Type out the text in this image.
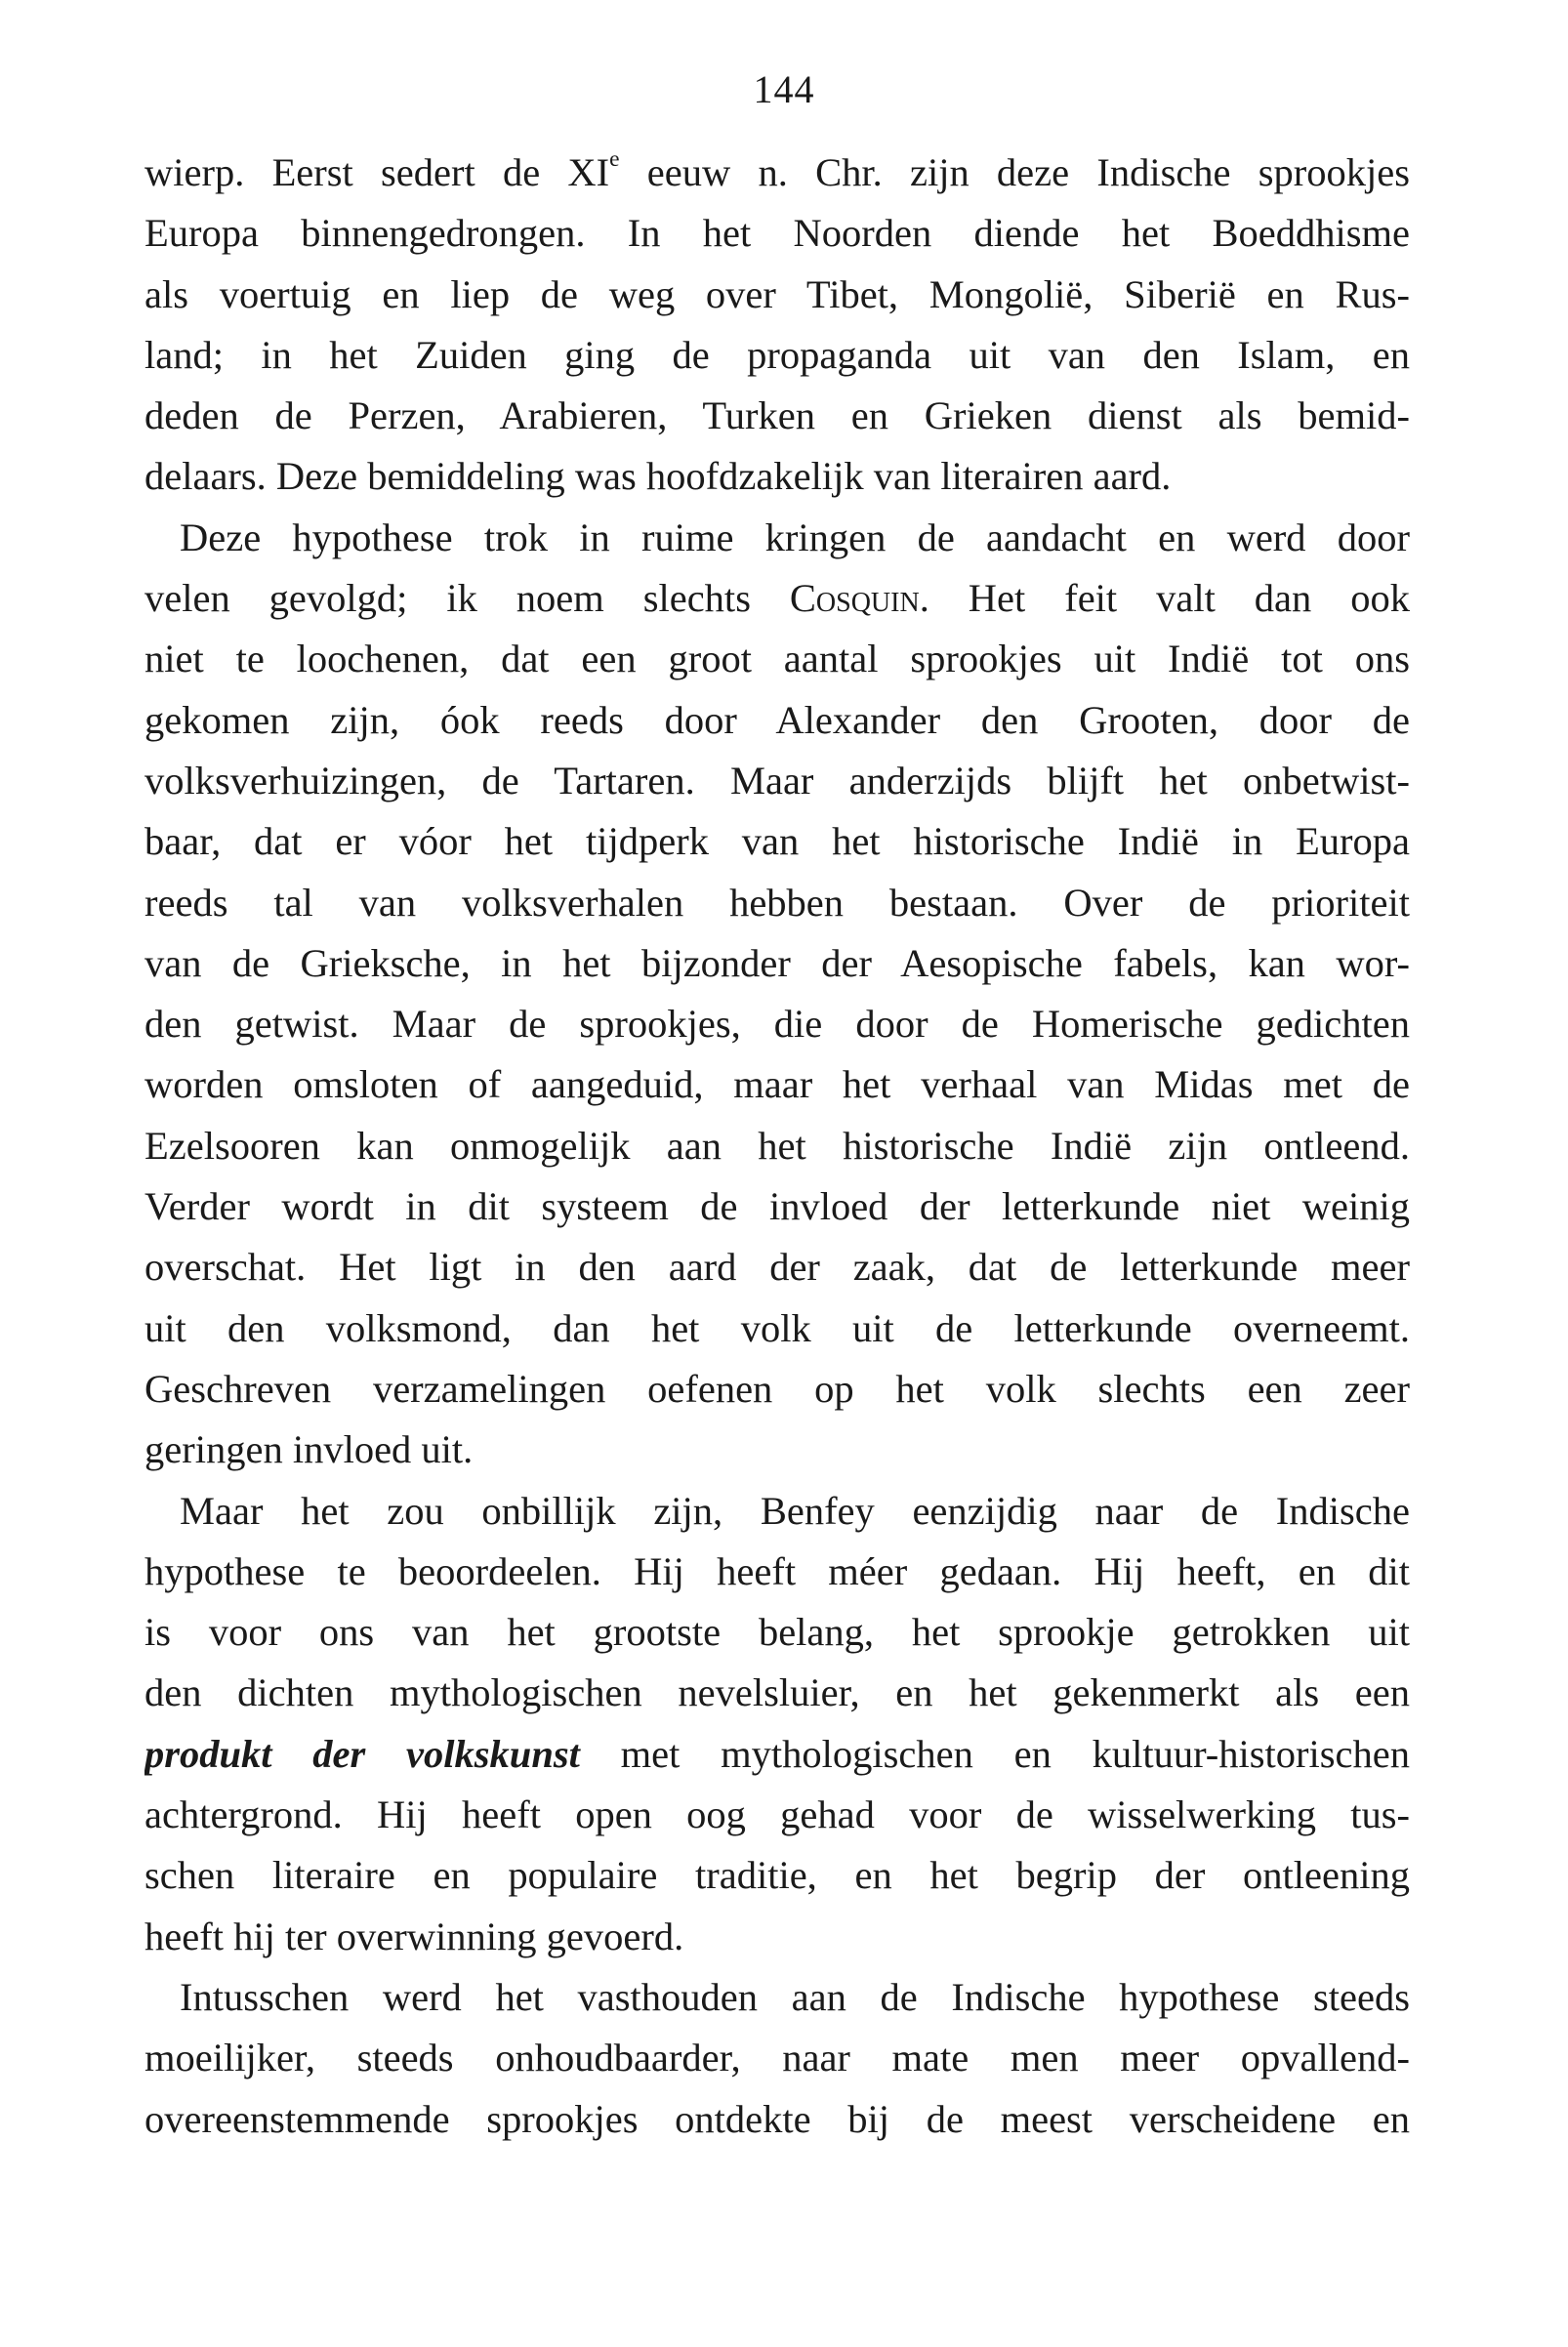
144
wierp. Eerst sedert de XIe eeuw n. Chr. zijn deze Indische sprookjes
Europa binnengedrongen. In het Noorden diende het Boeddhisme
als voertuig en liep de weg over Tibet, Mongolië, Siberië en Rus-
land; in het Zuiden ging de propaganda uit van den Islam, en
deden de Perzen, Arabieren, Turken en Grieken dienst als bemid-
delaars. Deze bemiddeling was hoofdzakelijk van literairen aard.
Deze hypothese trok in ruime kringen de aandacht en werd door
velen gevolgd; ik noem slechts Cosquin. Het feit valt dan ook
niet te loochenen, dat een groot aantal sprookjes uit Indië tot ons
gekomen zijn, óok reeds door Alexander den Grooten, door de
volksverhuizingen, de Tartaren. Maar anderzijds blijft het onbetwist-
baar, dat er vóor het tijdperk van het historische Indië in Europa
reeds tal van volksverhalen hebben bestaan. Over de prioriteit
van de Grieksche, in het bijzonder der Aesopische fabels, kan wor-
den getwist. Maar de sprookjes, die door de Homerische gedichten
worden omsloten of aangeduid, maar het verhaal van Midas met de
Ezelsooren kan onmogelijk aan het historische Indië zijn ontleend.
Verder wordt in dit systeem de invloed der letterkunde niet weinig
overschat. Het ligt in den aard der zaak, dat de letterkunde meer
uit den volksmond, dan het volk uit de letterkunde overneemt.
Geschreven verzamelingen oefenen op het volk slechts een zeer
geringen invloed uit.
Maar het zou onbillijk zijn, Benfey eenzijdig naar de Indische
hypothese te beoordeelen. Hij heeft méer gedaan. Hij heeft, en dit
is voor ons van het grootste belang, het sprookje getrokken uit
den dichten mythologischen nevelsluier, en het gekenmerkt als een
produkt der volkskunst met mythologischen en kultuur-historischen
achtergrond. Hij heeft open oog gehad voor de wisselwerking tus-
schen literaire en populaire traditie, en het begrip der ontleening
heeft hij ter overwinning gevoerd.
Intusschen werd het vasthouden aan de Indische hypothese steeds
moeilijker, steeds onhoudbaarder, naar mate men meer opvallend-
overeenstemmende sprookjes ontdekte bij de meest verscheidene en
